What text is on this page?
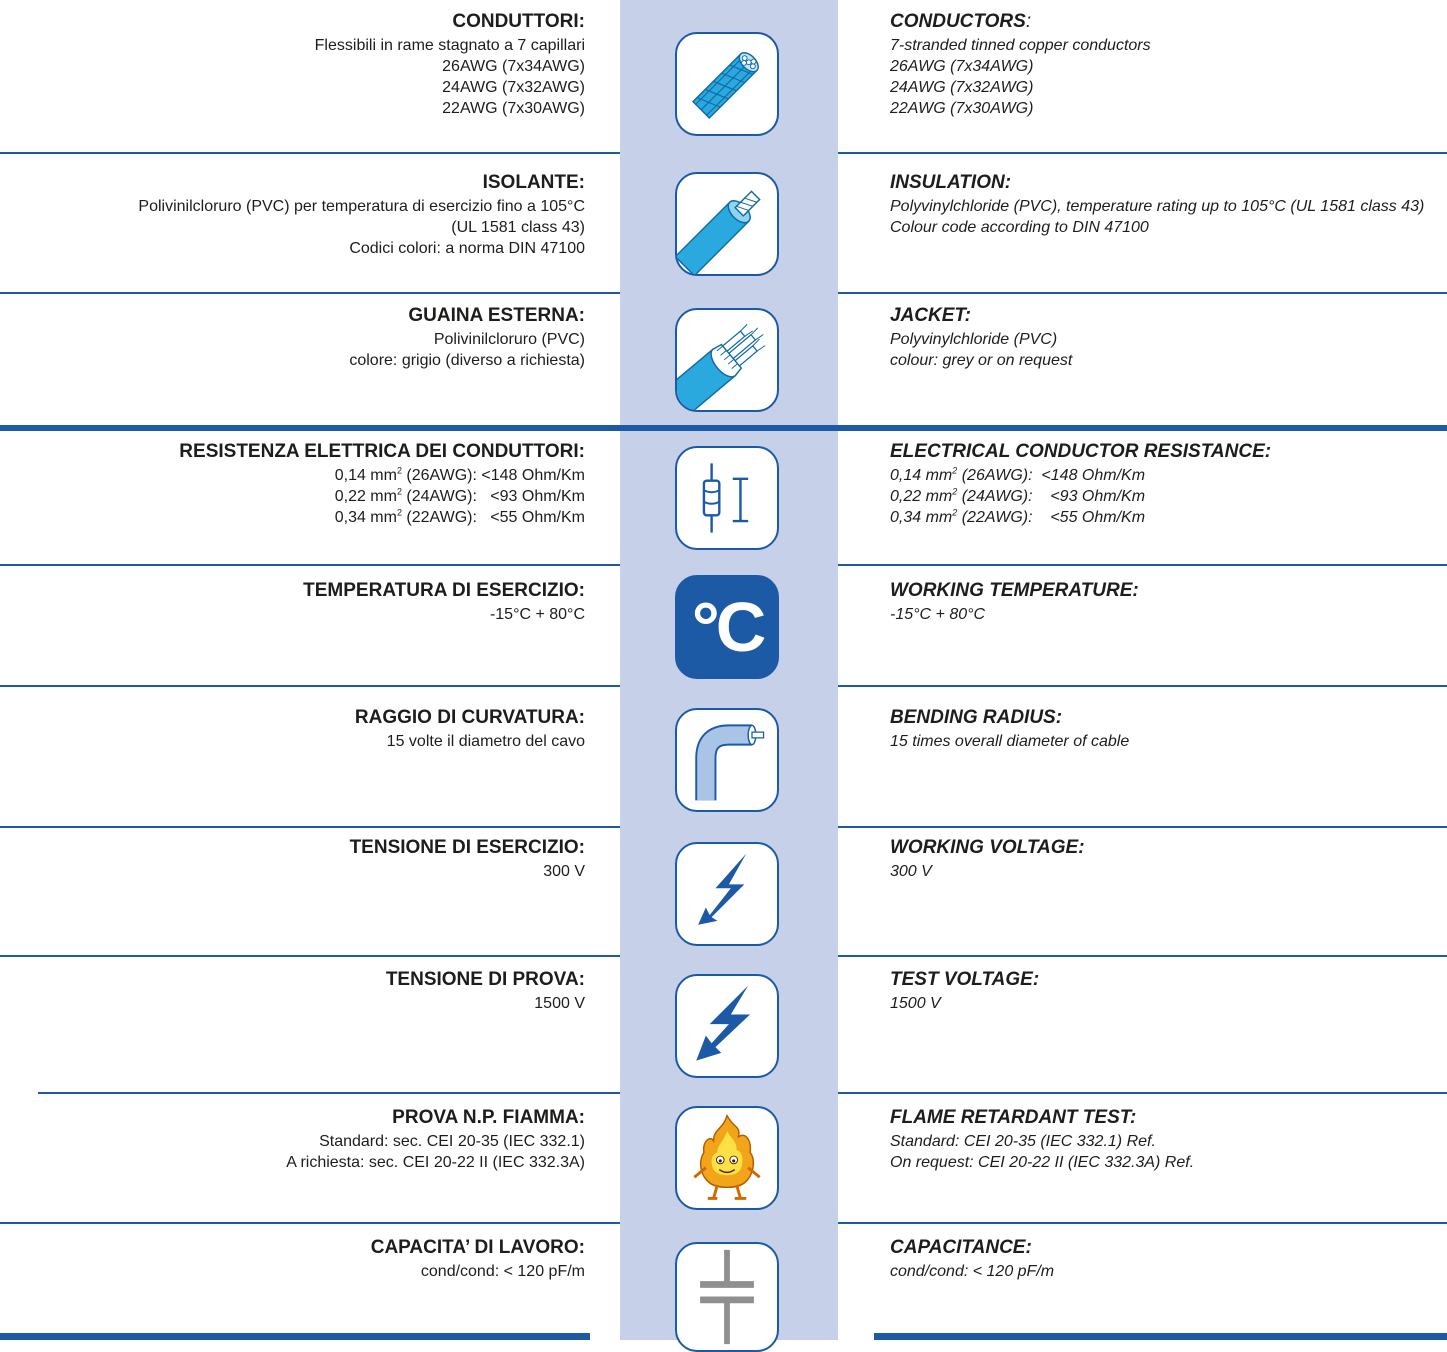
CONDUTTORI:
Flessibili in rame stagnato a 7 capillari
26AWG (7x34AWG)
24AWG (7x32AWG)
22AWG (7x30AWG)
CONDUCTORS:
7-stranded tinned copper conductors
26AWG (7x34AWG)
24AWG (7x32AWG)
22AWG (7x30AWG)
ISOLANTE:
Polivinilcloruro (PVC) per temperatura di esercizio fino a 105°C
(UL 1581 class 43)
Codici colori: a norma DIN 47100
INSULATION:
Polyvinylchloride (PVC), temperature rating up to 105°C (UL 1581 class 43)
Colour code according to DIN 47100
GUAINA ESTERNA:
Polivinilcloruro (PVC)
colore: grigio (diverso a richiesta)
JACKET:
Polyvinylchloride (PVC)
colour: grey or on request
RESISTENZA ELETTRICA DEI CONDUTTORI:
0,14 $mm^2$ (26AWG): <148 Ohm/Km
0,22 $mm^2$ (24AWG):   <93 Ohm/Km
0,34 $mm^2$ (22AWG):   <55 Ohm/Km
ELECTRICAL CONDUCTOR RESISTANCE:
0,14 $mm^2$ (26AWG):  <148 Ohm/Km
0,22 $mm^2$ (24AWG):    <93 Ohm/Km
0,34 $mm^2$ (22AWG):    <55 Ohm/Km
TEMPERATURA DI ESERCIZIO:
-15°C + 80°C
WORKING TEMPERATURE:
-15°C + 80°C
°C
RAGGIO DI CURVATURA:
15 volte il diametro del cavo
BENDING RADIUS:
15 times overall diameter of cable
TENSIONE DI ESERCIZIO:
300 V
WORKING VOLTAGE:
300 V
TENSIONE DI PROVA:
1500 V
TEST VOLTAGE:
1500 V
PROVA N.P. FIAMMA:
Standard: sec. CEI 20-35 (IEC 332.1)
A richiesta: sec. CEI 20-22 II (IEC 332.3A)
FLAME RETARDANT TEST:
Standard: CEI 20-35 (IEC 332.1) Ref.
On request: CEI 20-22 II (IEC 332.3A) Ref.
CAPACITA’ DI LAVORO:
cond/cond: < 120 pF/m
CAPACITANCE:
cond/cond: < 120 pF/m
